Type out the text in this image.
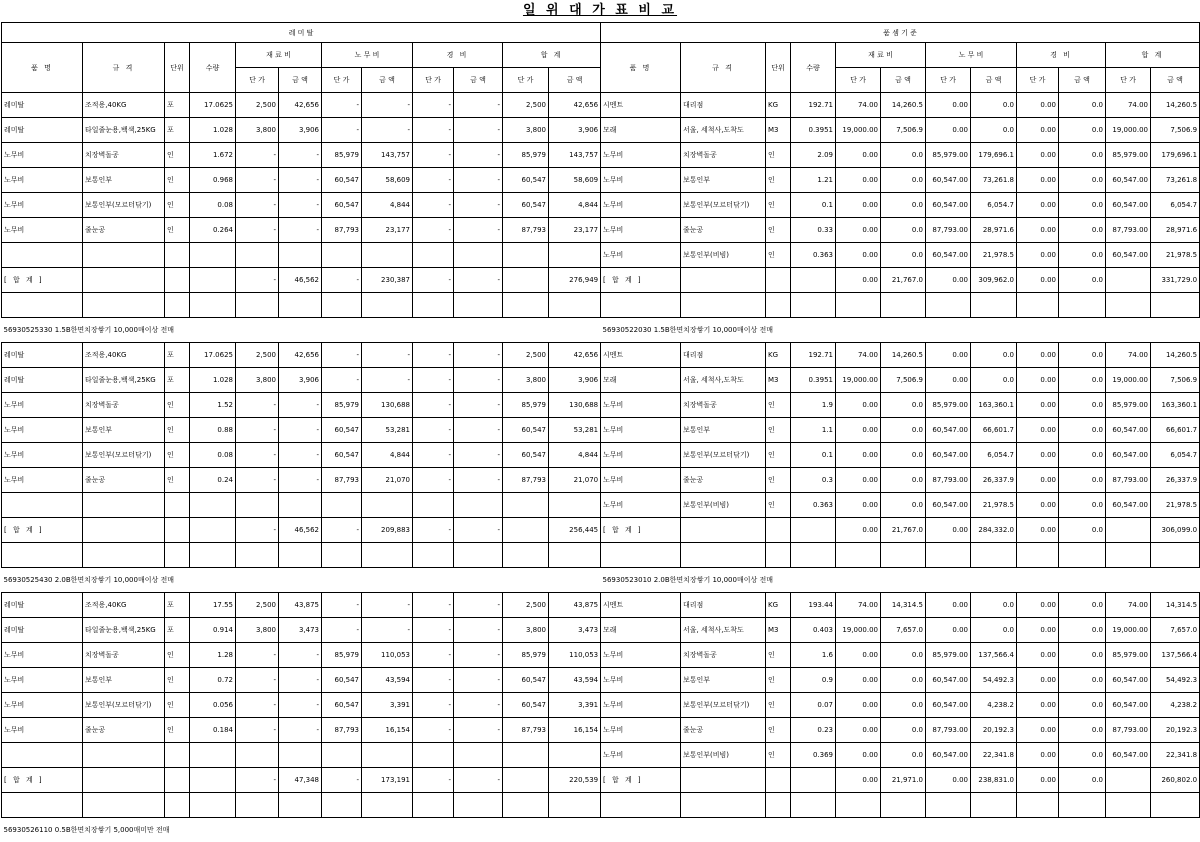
일 위 대 가 표 비 교
레 미 탈											
품 명	규 격	단위	수량	재 료 비		노 무 비		경 비		합 계	
				단 가	금 액	단 가	금 액	단 가	금 액	단 가	금 액
레미탈	조적용,40KG	포	17.0625	2,500	42,656	-	-	-	-	2,500	42,656
레미탈	타일줄눈용,백색,25KG	포	1.028	3,800	3,906	-	-	-	-	3,800	3,906
노무비	치장벽돌공	인	1.672	-	-	85,979	143,757	-	-	85,979	143,757
노무비	보통인부	인	0.968	-	-	60,547	58,609	-	-	60,547	58,609
노무비	보통인부(모르터닦기)	인	0.08	-	-	60,547	4,844	-	-	60,547	4,844
노무비	줄눈공	인	0.264	-	-	87,793	23,177	-	-	87,793	23,177

[ 합 계 ]				-	46,562	-	230,387	-	-		276,949

56930525330 1.5B한면치장쌓기 10,000매이상 전매											
레미탈	조적용,40KG	포	17.0625	2,500	42,656	-	-	-	-	2,500	42,656
레미탈	타일줄눈용,백색,25KG	포	1.028	3,800	3,906	-	-	-	-	3,800	3,906
노무비	치장벽돌공	인	1.52	-	-	85,979	130,688	-	-	85,979	130,688
노무비	보통인부	인	0.88	-	-	60,547	53,281	-	-	60,547	53,281
노무비	보통인부(모르터닦기)	인	0.08	-	-	60,547	4,844	-	-	60,547	4,844
노무비	줄눈공	인	0.24	-	-	87,793	21,070	-	-	87,793	21,070

[ 합 계 ]				-	46,562	-	209,883	-	-		256,445

56930525430 2.0B한면치장쌓기 10,000매이상 전매											
레미탈	조적용,40KG	포	17.55	2,500	43,875	-	-	-	-	2,500	43,875
레미탈	타일줄눈용,백색,25KG	포	0.914	3,800	3,473	-	-	-	-	3,800	3,473
노무비	치장벽돌공	인	1.28	-	-	85,979	110,053	-	-	85,979	110,053
노무비	보통인부	인	0.72	-	-	60,547	43,594	-	-	60,547	43,594
노무비	보통인부(모르터닦기)	인	0.056	-	-	60,547	3,391	-	-	60,547	3,391
노무비	줄눈공	인	0.184	-	-	87,793	16,154	-	-	87,793	16,154

[ 합 계 ]				-	47,348	-	173,191	-	-		220,539

56930526110 0.5B한면치장쌓기 5,000매미만 전매											
품 셈 기 준											
품 명	규 격	단위	수량	재 료 비		노 무 비		경 비		합 계	
				단 가	금 액	단 가	금 액	단 가	금 액	단 가	금 액
시멘트	대리점	KG	192.71	74.00	14,260.5	0.00	0.0	0.00	0.0	74.00	14,260.5
모래	서울, 세척사,도착도	M3	0.3951	19,000.00	7,506.9	0.00	0.0	0.00	0.0	19,000.00	7,506.9
노무비	치장벽돌공	인	2.09	0.00	0.0	85,979.00	179,696.1	0.00	0.0	85,979.00	179,696.1
노무비	보통인부	인	1.21	0.00	0.0	60,547.00	73,261.8	0.00	0.0	60,547.00	73,261.8
노무비	보통인부(모르터닦기)	인	0.1	0.00	0.0	60,547.00	6,054.7	0.00	0.0	60,547.00	6,054.7
노무비	줄눈공	인	0.33	0.00	0.0	87,793.00	28,971.6	0.00	0.0	87,793.00	28,971.6
노무비	보통인부(비빔)	인	0.363	0.00	0.0	60,547.00	21,978.5	0.00	0.0	60,547.00	21,978.5
[ 합 계 ]				0.00	21,767.0	0.00	309,962.0	0.00	0.0		331,729.0

56930522030 1.5B한면치장쌓기 10,000매이상 전매											
시멘트	대리점	KG	192.71	74.00	14,260.5	0.00	0.0	0.00	0.0	74.00	14,260.5
모래	서울, 세척사,도착도	M3	0.3951	19,000.00	7,506.9	0.00	0.0	0.00	0.0	19,000.00	7,506.9
노무비	치장벽돌공	인	1.9	0.00	0.0	85,979.00	163,360.1	0.00	0.0	85,979.00	163,360.1
노무비	보통인부	인	1.1	0.00	0.0	60,547.00	66,601.7	0.00	0.0	60,547.00	66,601.7
노무비	보통인부(모르터닦기)	인	0.1	0.00	0.0	60,547.00	6,054.7	0.00	0.0	60,547.00	6,054.7
노무비	줄눈공	인	0.3	0.00	0.0	87,793.00	26,337.9	0.00	0.0	87,793.00	26,337.9
노무비	보통인부(비빔)	인	0.363	0.00	0.0	60,547.00	21,978.5	0.00	0.0	60,547.00	21,978.5
[ 합 계 ]				0.00	21,767.0	0.00	284,332.0	0.00	0.0		306,099.0

56930523010 2.0B한면치장쌓기 10,000매이상 전매											
시멘트	대리점	KG	193.44	74.00	14,314.5	0.00	0.0	0.00	0.0	74.00	14,314.5
모래	서울, 세척사,도착도	M3	0.403	19,000.00	7,657.0	0.00	0.0	0.00	0.0	19,000.00	7,657.0
노무비	치장벽돌공	인	1.6	0.00	0.0	85,979.00	137,566.4	0.00	0.0	85,979.00	137,566.4
노무비	보통인부	인	0.9	0.00	0.0	60,547.00	54,492.3	0.00	0.0	60,547.00	54,492.3
노무비	보통인부(모르터닦기)	인	0.07	0.00	0.0	60,547.00	4,238.2	0.00	0.0	60,547.00	4,238.2
노무비	줄눈공	인	0.23	0.00	0.0	87,793.00	20,192.3	0.00	0.0	87,793.00	20,192.3
노무비	보통인부(비빔)	인	0.369	0.00	0.0	60,547.00	22,341.8	0.00	0.0	60,547.00	22,341.8
[ 합 계 ]				0.00	21,971.0	0.00	238,831.0	0.00	0.0		260,802.0
